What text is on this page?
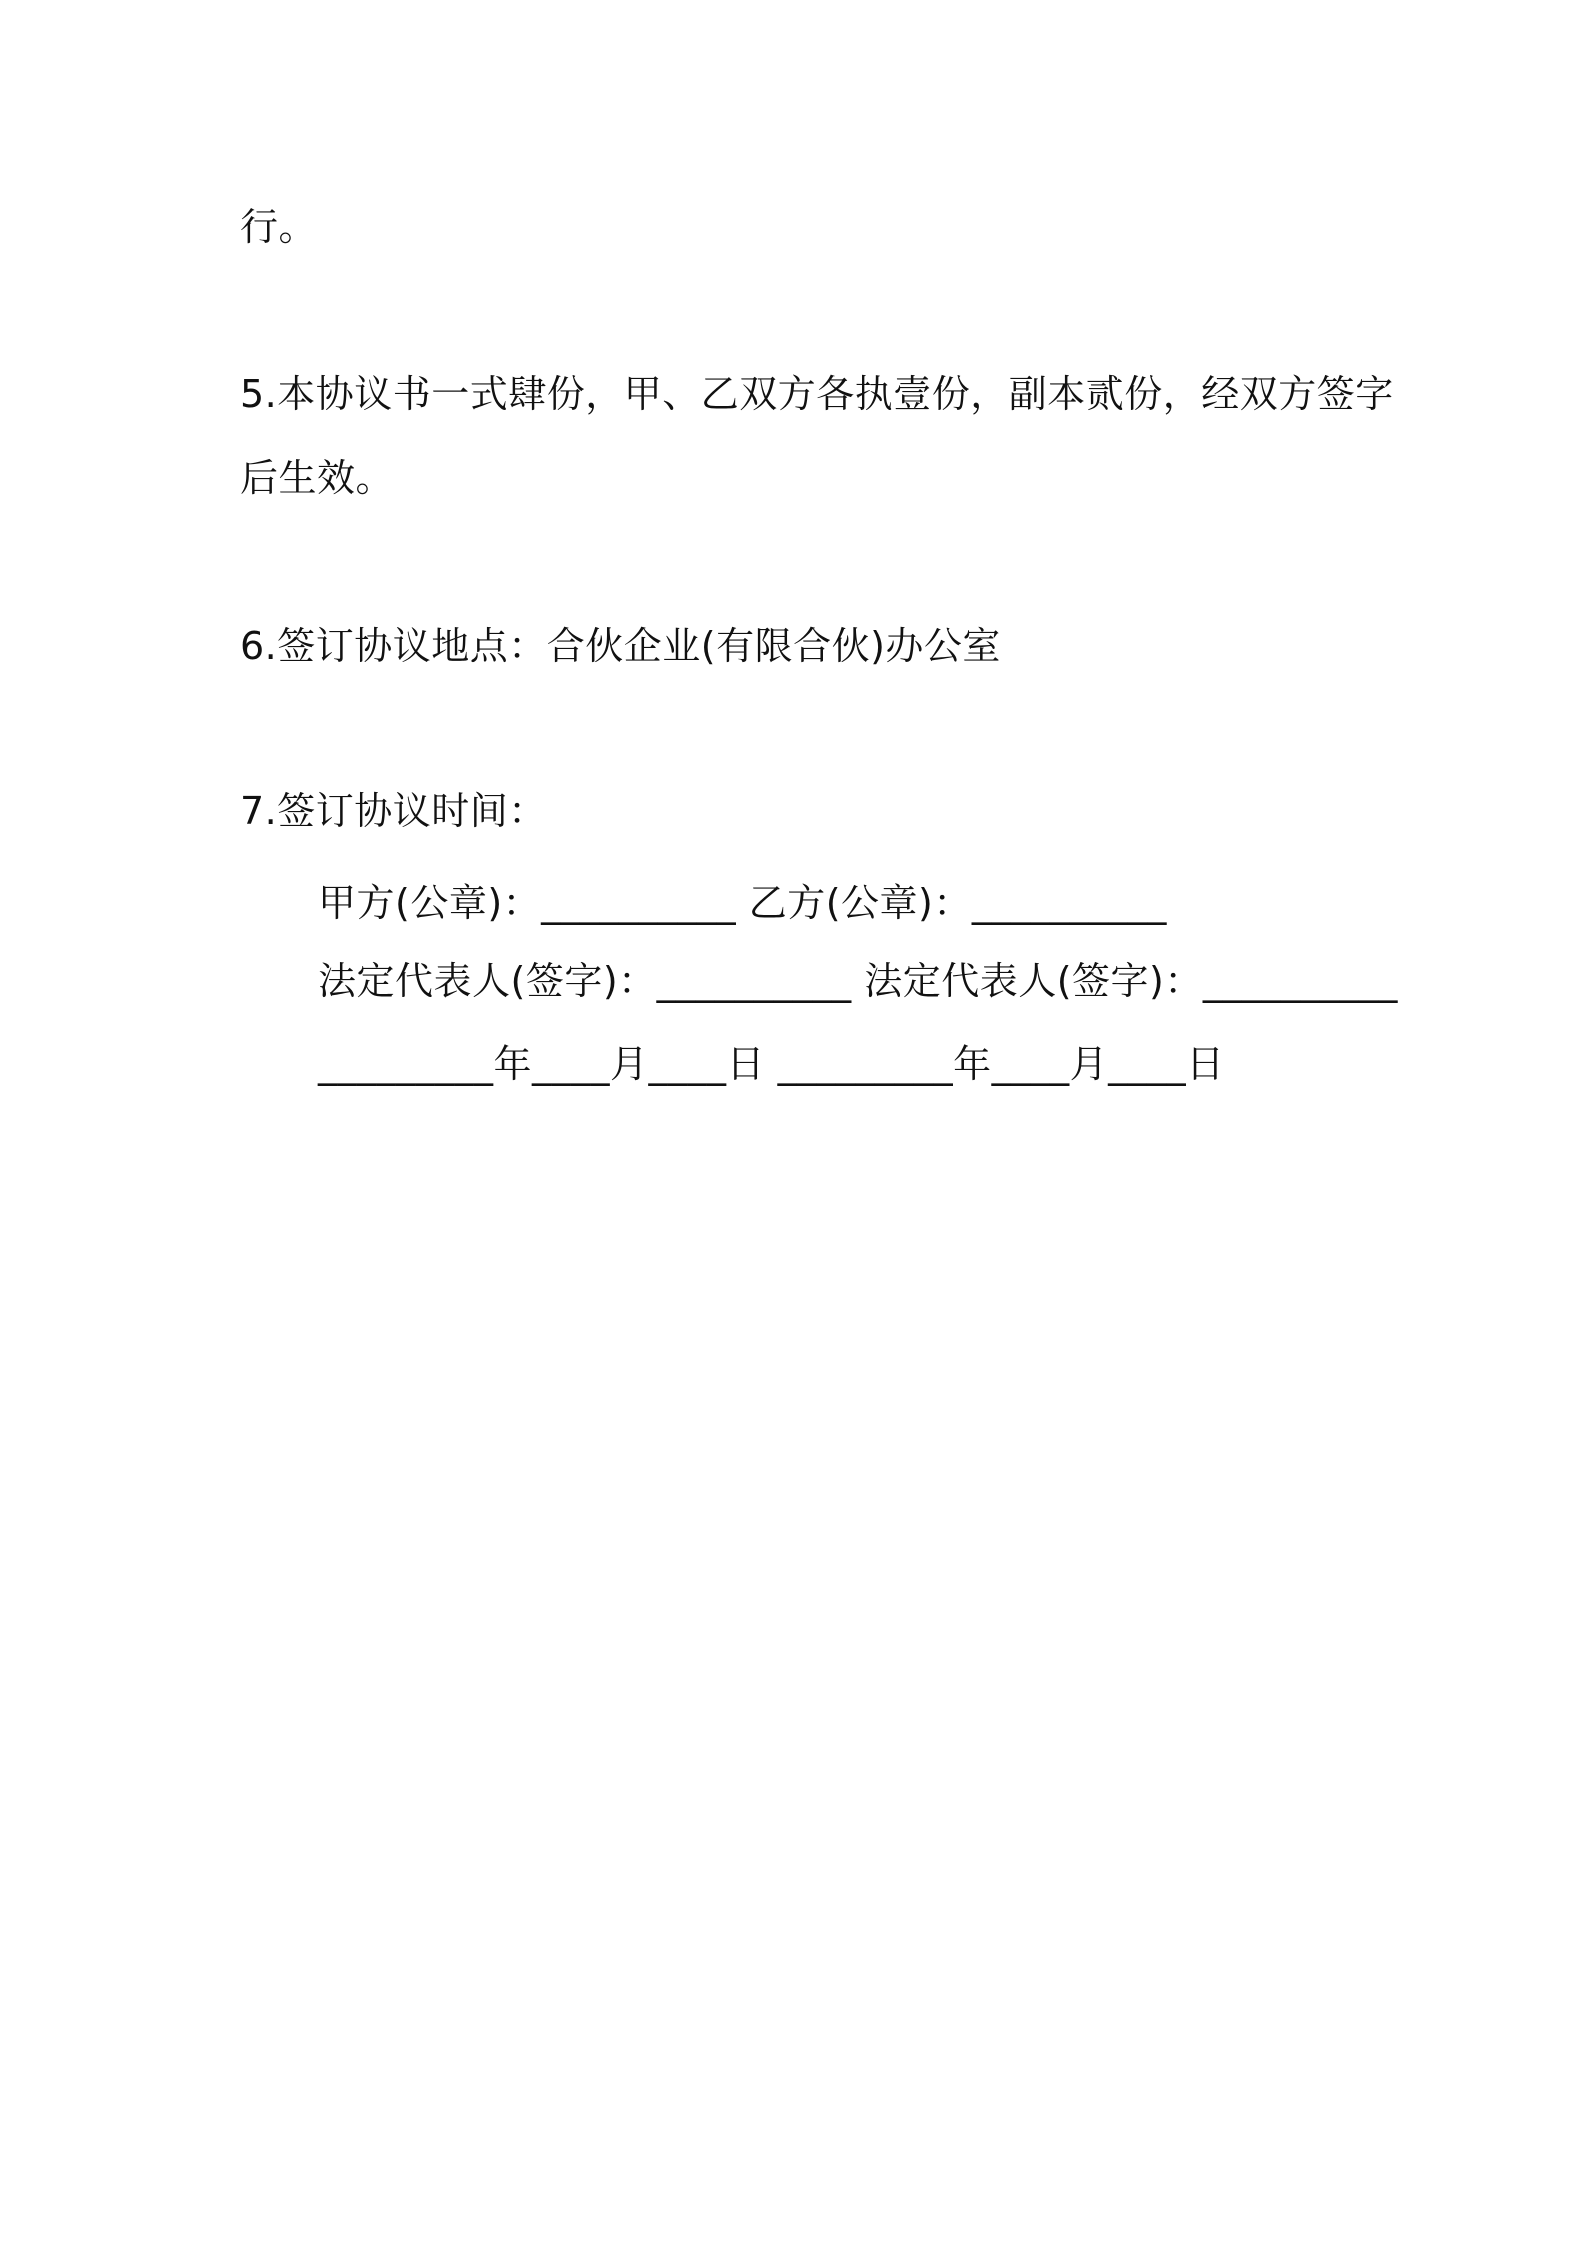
行。
5.本协议书一式肆份，甲、乙双方各执壹份，副本贰份，经双方签字
后生效。
6.签订协议地点：合伙企业(有限合伙)办公室
7.签订协议时间：
甲方(公章)：__________ 乙方(公章)：__________
法定代表人(签字)：__________ 法定代表人(签字)：__________
_________年____月____日 _________年____月____日
